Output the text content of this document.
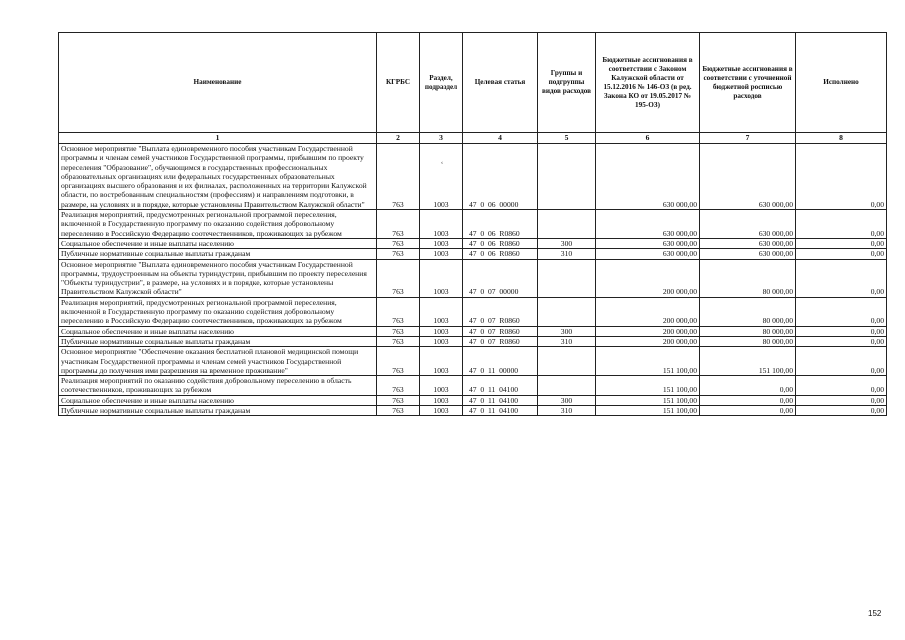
Наименование	КГРБС	Раздел, подраздел	Целевая статья	Группы и подгруппы видов расходов	Бюджетные ассигнования в соответствии с Законом Калужской области от 15.12.2016 № 146-ОЗ (в ред. Закона КО от 19.05.2017 № 195-ОЗ)	Бюджетные ассигнования в соответствии с уточненной бюджетной росписью расходов	Исполнено
1	2	3	4	5	6	7	8
Основное мероприятие "Выплата единовременного пособия участникам Государственной программы и членам семей участников Государственной программы, прибывшим по проекту переселения "Образование", обучающимся в государственных профессиональных образовательных организациях или федеральных государственных образовательных организациях высшего образования и их филиалах, расположенных на территории Калужской области, по востребованным специальностям (профессиям) и направлениям подготовки, в размере, на условиях и в порядке, которые установлены Правительством Калужской области"	763	1003	47  0  06  00000		630 000,00	630 000,00	0,00
Реализация мероприятий, предусмотренных региональной программой переселения, включенной в Государственную программу по оказанию содействия добровольному переселению в Российскую Федерацию соотечественников, проживающих за рубежом	763	1003	47  0  06  R0860		630 000,00	630 000,00	0,00
Социальное обеспечение и иные выплаты населению	763	1003	47  0  06  R0860	300	630 000,00	630 000,00	0,00
Публичные нормативные социальные выплаты гражданам	763	1003	47  0  06  R0860	310	630 000,00	630 000,00	0,00
Основное мероприятие "Выплата единовременного пособия участникам Государственной программы, трудоустроенным на объекты туриндустрии, прибывшим по проекту переселения "Объекты туриндустрии", в размере, на условиях и в порядке, которые установлены Правительством Калужской области"	763	1003	47  0  07  00000		200 000,00	80 000,00	0,00
Реализация мероприятий, предусмотренных региональной программой переселения, включенной в Государственную программу по оказанию содействия добровольному переселению в Российскую Федерацию соотечественников, проживающих за рубежом	763	1003	47  0  07  R0860		200 000,00	80 000,00	0,00
Социальное обеспечение и иные выплаты населению	763	1003	47  0  07  R0860	300	200 000,00	80 000,00	0,00
Публичные нормативные социальные выплаты гражданам	763	1003	47  0  07  R0860	310	200 000,00	80 000,00	0,00
Основное мероприятие "Обеспечение оказания бесплатной плановой медицинской помощи участникам Государственной программы и членам семей участников Государственной программы до получения ими разрешения на временное проживание"	763	1003	47  0  11  00000		151 100,00	151 100,00	0,00
Реализация мероприятий по оказанию содействия добровольному переселению в область соотечественников, проживающих за рубежом	763	1003	47  0  11  04100		151 100,00	0,00	0,00
Социальное обеспечение и иные выплаты населению	763	1003	47  0  11  04100	300	151 100,00	0,00	0,00
Публичные нормативные социальные выплаты гражданам	763	1003	47  0  11  04100	310	151 100,00	0,00	0,00
‹
152
